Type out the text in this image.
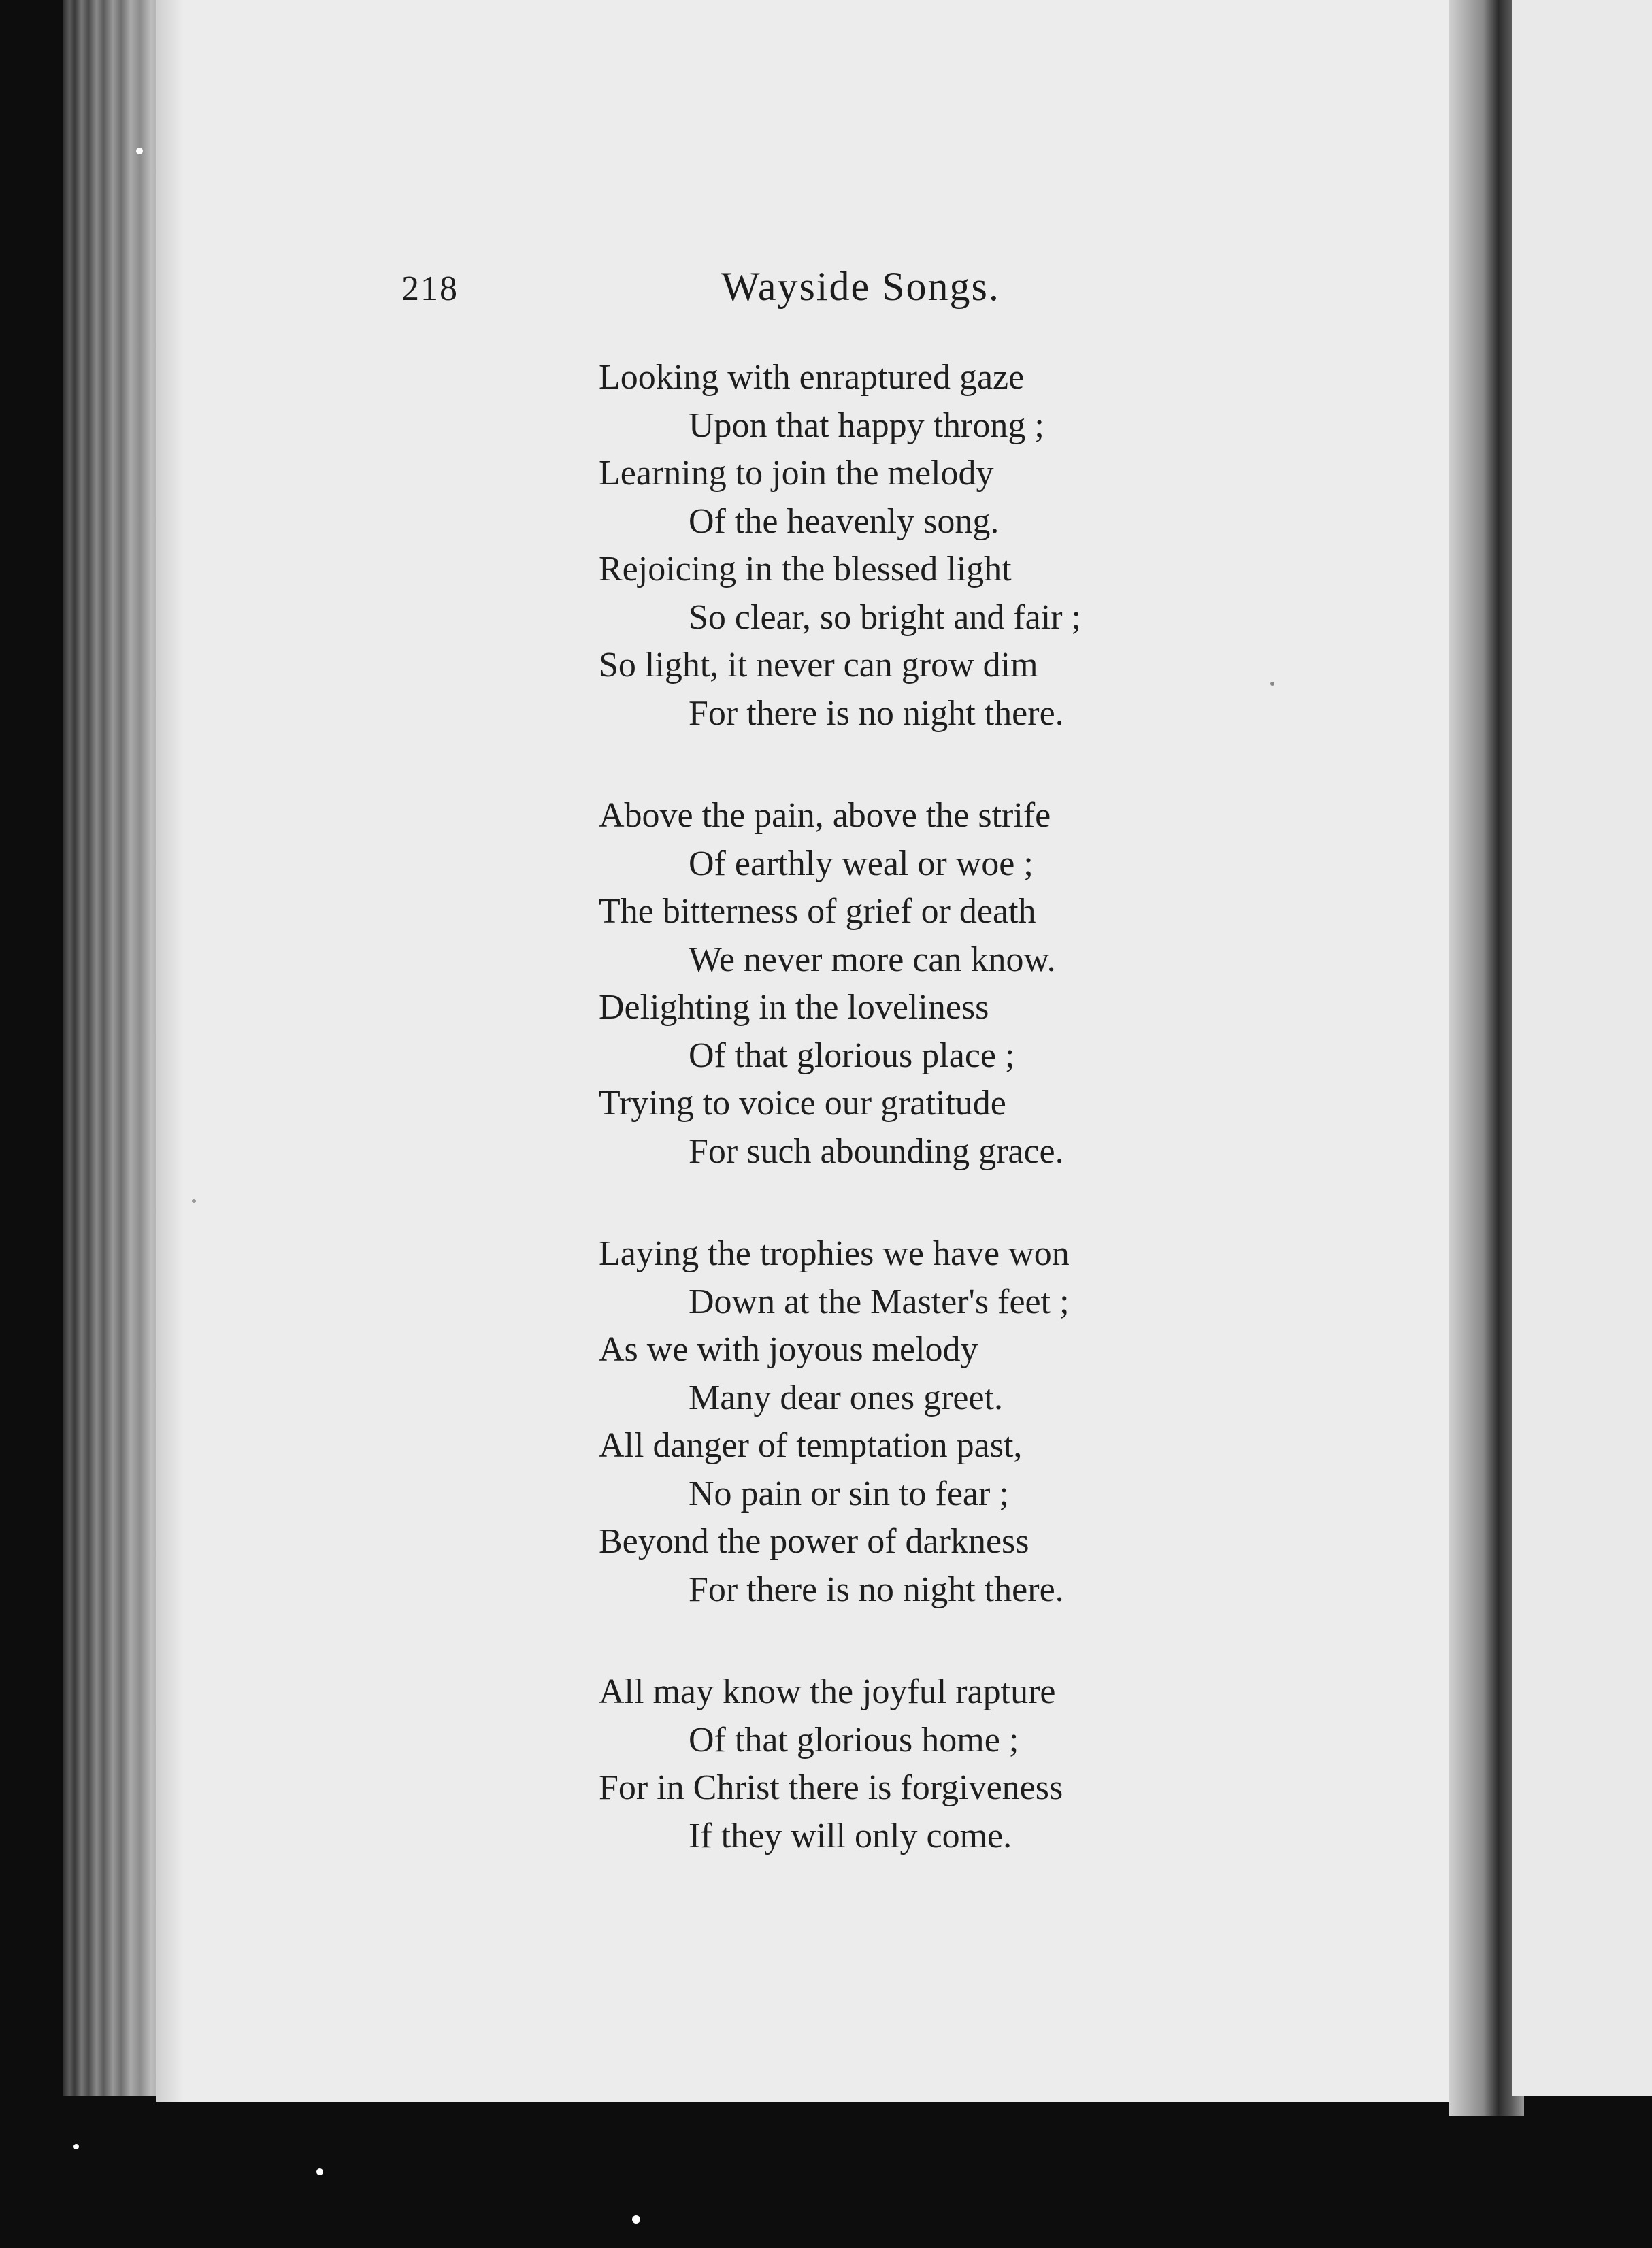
218	Wayside Songs.
Looking with enraptured gaze
Upon that happy throng ;
Learning to join the melody
Of the heavenly song.
Rejoicing in the blessed light
So clear, so bright and fair ;
So light, it never can grow dim
For there is no night there.
Above the pain, above the strife
Of earthly weal or woe ;
The bitterness of grief or death
We never more can know.
Delighting in the loveliness
Of that glorious place ;
Trying to voice our gratitude
For such abounding grace.
Laying the trophies we have won
Down at the Master's feet ;
As we with joyous melody
Many dear ones greet.
All danger of temptation past,
No pain or sin to fear ;
Beyond the power of darkness
For there is no night there.
All may know the joyful rapture
Of that glorious home ;
For in Christ there is forgiveness
If they will only come.
